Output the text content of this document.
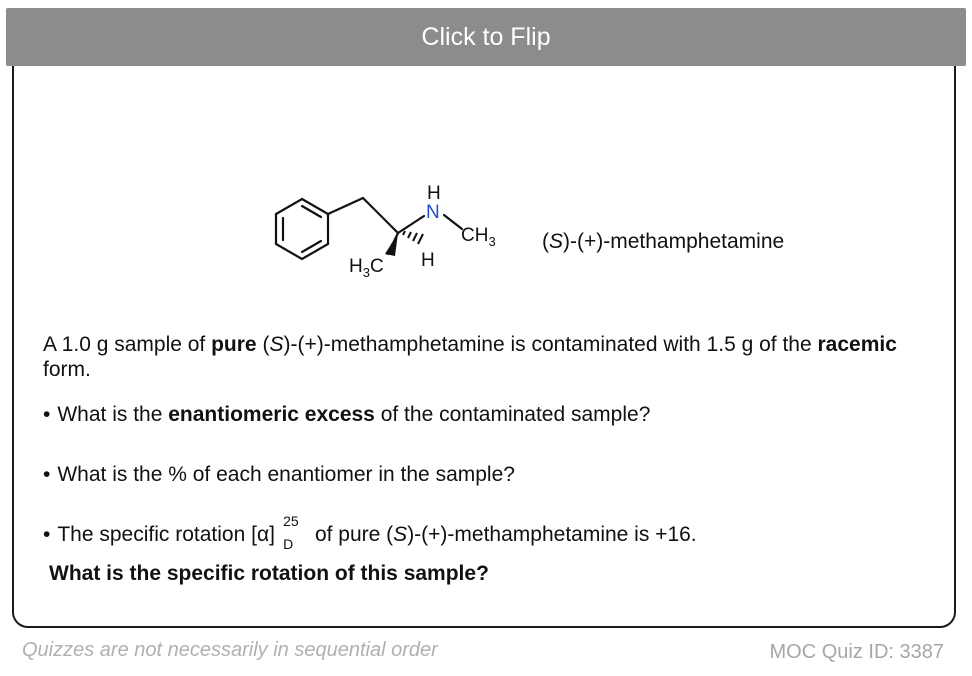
Click to Flip
H
N
$CH_3$
$H_3C$ H
(S)-(+)-methamphetamine
A 1.0 g sample of pure (S)-(+)-methamphetamine is contaminated with 1.5 g of the racemic form.
• What is the enantiomeric excess of the contaminated sample?
• What is the % of each enantiomer in the sample?
• The specific rotation [α]
25
D of pure (S)-(+)-methamphetamine is +16.
What is the specific rotation of this sample?
Quizzes are not necessarily in sequential order	MOC Quiz ID: 3387
